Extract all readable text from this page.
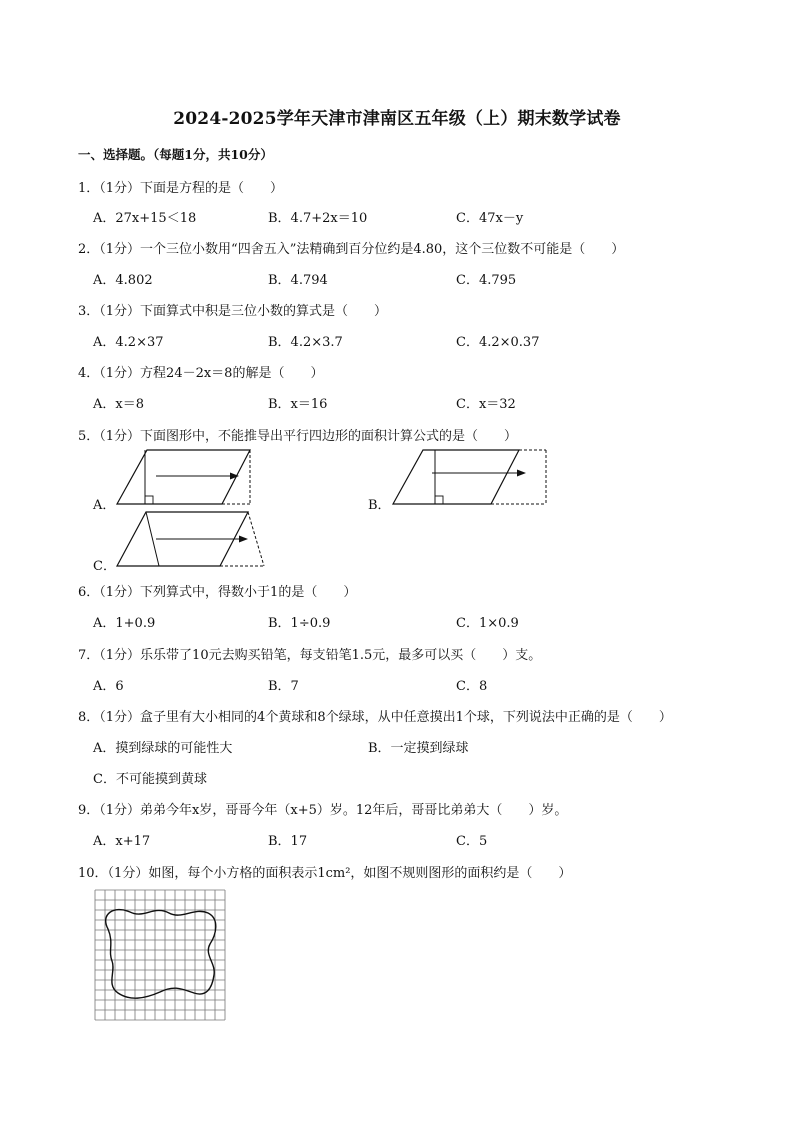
2024-2025学年天津市津南区五年级（上）期末数学试卷
一、选择题。（每题1分，共10分）
1．（1分）下面是方程的是（　　）
A．27x+15＜18	B．4.7+2x＝10	C．47x－y
2．（1分）一个三位小数用“四舍五入”法精确到百分位约是4.80，这个三位数不可能是（　　）
A．4.802	B．4.794	C．4.795
3．（1分）下面算式中积是三位小数的算式是（　　）
A．4.2×37	B．4.2×3.7	C．4.2×0.37
4．（1分）方程24－2x＝8的解是（　　）
A．x＝8	B．x＝16	C．x＝32
5．（1分）下面图形中，不能推导出平行四边形的面积计算公式的是（　　）
A．	B．
C．
6．（1分）下列算式中，得数小于1的是（　　）
A．1+0.9	B．1÷0.9	C．1×0.9
7．（1分）乐乐带了10元去购买铅笔，每支铅笔1.5元，最多可以买（　　）支。
A．6	B．7	C．8
8．（1分）盒子里有大小相同的4个黄球和8个绿球，从中任意摸出1个球，下列说法中正确的是（　　）
A．摸到绿球的可能性大	B．一定摸到绿球
C．不可能摸到黄球
9．（1分）弟弟今年x岁，哥哥今年（x+5）岁。12年后，哥哥比弟弟大（　　）岁。
A．x+17	B．17	C．5
10．（1分）如图，每个小方格的面积表示1cm²，如图不规则图形的面积约是（　　）
